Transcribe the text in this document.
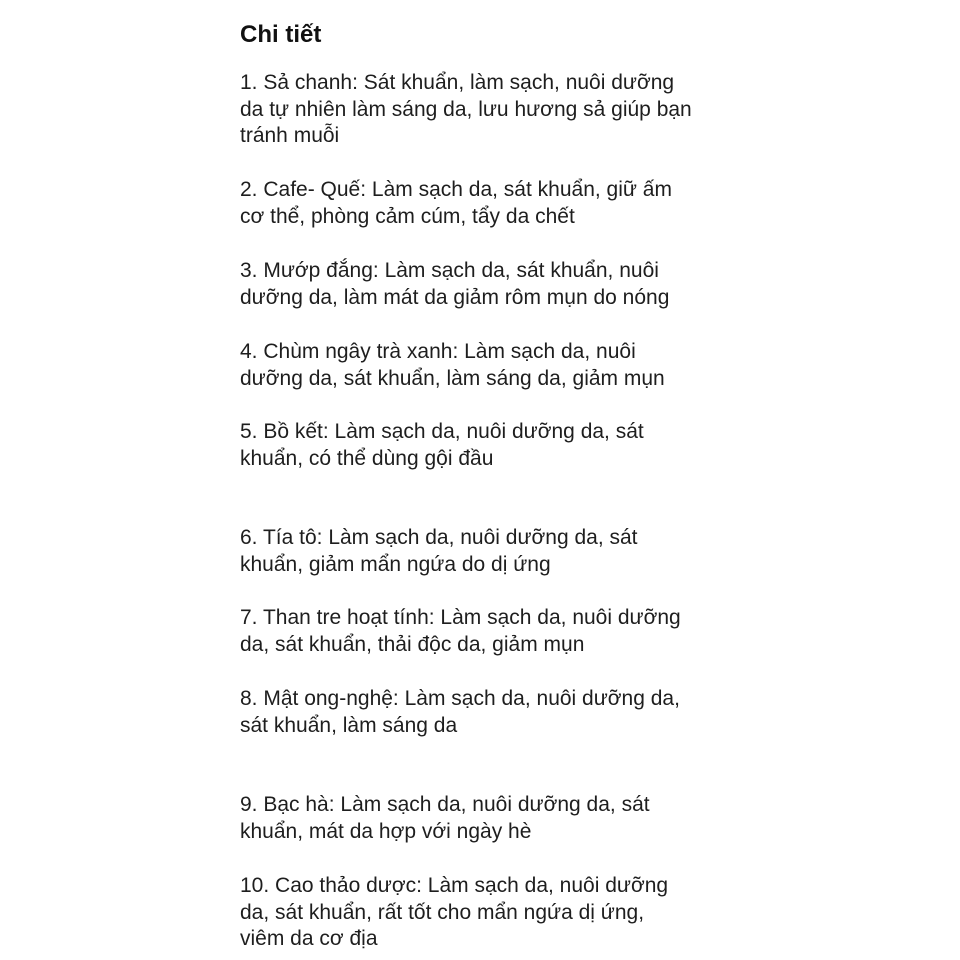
Chi tiết

1. Sả chanh: Sát khuẩn, làm sạch, nuôi dưỡng
da tự nhiên làm sáng da, lưu hương sả giúp bạn
tránh muỗi

2. Cafe- Quế: Làm sạch da, sát khuẩn, giữ ấm
cơ thể, phòng cảm cúm, tẩy da chết

3. Mướp đắng: Làm sạch da, sát khuẩn, nuôi
dưỡng da, làm mát da giảm rôm mụn do nóng

4. Chùm ngây trà xanh: Làm sạch da, nuôi
dưỡng da, sát khuẩn, làm sáng da, giảm mụn

5. Bồ kết: Làm sạch da, nuôi dưỡng da, sát
khuẩn, có thể dùng gội đầu

6. Tía tô: Làm sạch da, nuôi dưỡng da, sát
khuẩn, giảm mẩn ngứa do dị ứng

7. Than tre hoạt tính: Làm sạch da, nuôi dưỡng
da, sát khuẩn, thải độc da, giảm mụn

8. Mật ong-nghệ: Làm sạch da, nuôi dưỡng da,
sát khuẩn, làm sáng da

9. Bạc hà: Làm sạch da, nuôi dưỡng da, sát
khuẩn, mát da hợp với ngày hè

10. Cao thảo dược: Làm sạch da, nuôi dưỡng
da, sát khuẩn, rất tốt cho mẩn ngứa dị ứng,
viêm da cơ địa
